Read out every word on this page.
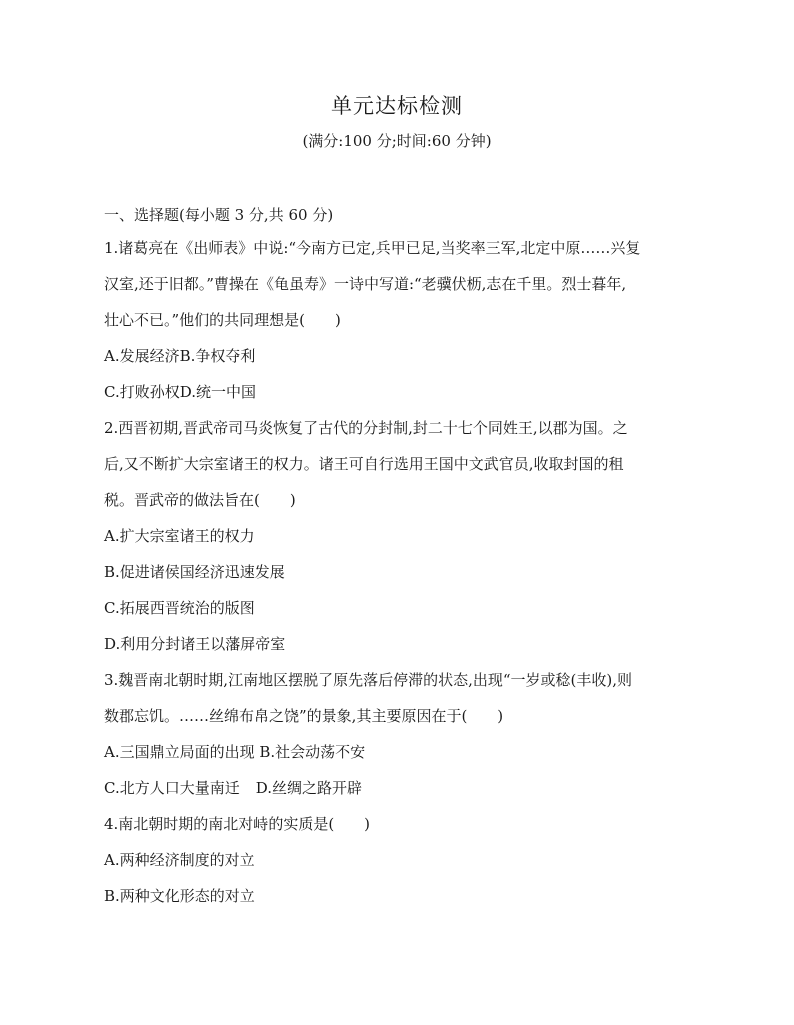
单元达标检测
(满分:100 分;时间:60 分钟)

一、选择题(每小题 3 分,共 60 分)

1.诸葛亮在《出师表》中说:“今南方已定,兵甲已足,当奖率三军,北定中原……兴复

汉室,还于旧都。”曹操在《龟虽寿》一诗中写道:“老骥伏枥,志在千里。烈士暮年,

壮心不已。”他们的共同理想是(　　)

A.发展经济B.争权夺利

C.打败孙权D.统一中国

2.西晋初期,晋武帝司马炎恢复了古代的分封制,封二十七个同姓王,以郡为国。之

后,又不断扩大宗室诸王的权力。诸王可自行选用王国中文武官员,收取封国的租

税。晋武帝的做法旨在(　　)

A.扩大宗室诸王的权力

B.促进诸侯国经济迅速发展

C.拓展西晋统治的版图

D.利用分封诸王以藩屏帝室

3.魏晋南北朝时期,江南地区摆脱了原先落后停滞的状态,出现“一岁或稔(丰收),则

数郡忘饥。……丝绵布帛之饶”的景象,其主要原因在于(　　)

A.三国鼎立局面的出现 B.社会动荡不安

C.北方人口大量南迁 D.丝绸之路开辟

4.南北朝时期的南北对峙的实质是(　　)

A.两种经济制度的对立

B.两种文化形态的对立
